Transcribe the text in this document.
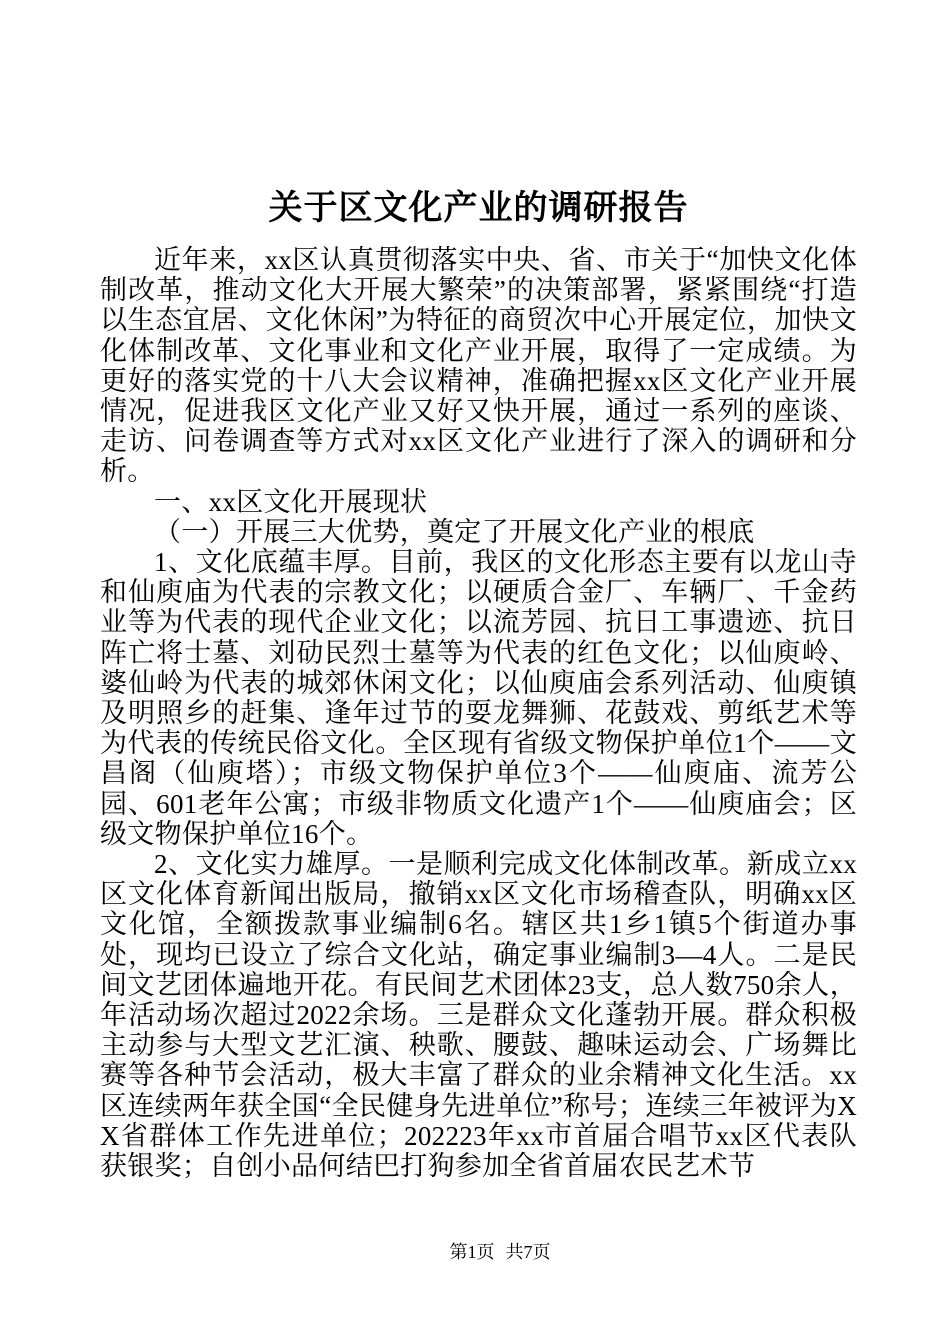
关于区文化产业的调研报告

近年来，xx区认真贯彻落实中央、省、市关于“加快文化体制改革，推动文化大开展大繁荣”的决策部署，紧紧围绕“打造以生态宜居、文化休闲”为特征的商贸次中心开展定位，加快文化体制改革、文化事业和文化产业开展，取得了一定成绩。为更好的落实党的十八大会议精神，准确把握xx区文化产业开展情况，促进我区文化产业又好又快开展，通过一系列的座谈、走访、问卷调查等方式对xx区文化产业进行了深入的调研和分析。

一、xx区文化开展现状

（一）开展三大优势，奠定了开展文化产业的根底

1、文化底蕴丰厚。目前，我区的文化形态主要有以龙山寺和仙庾庙为代表的宗教文化；以硬质合金厂、车辆厂、千金药业等为代表的现代企业文化；以流芳园、抗日工事遗迹、抗日阵亡将士墓、刘劯民烈士墓等为代表的红色文化；以仙庾岭、婆仙岭为代表的城郊休闲文化；以仙庾庙会系列活动、仙庾镇及明照乡的赶集、逢年过节的耍龙舞狮、花鼓戏、剪纸艺术等为代表的传统民俗文化。全区现有省级文物保护单位1个——文昌阁（仙庾塔）；市级文物保护单位3个——仙庾庙、流芳公园、601老年公寓；市级非物质文化遗产1个——仙庾庙会；区级文物保护单位16个。

2、文化实力雄厚。一是顺利完成文化体制改革。新成立xx区文化体育新闻出版局，撤销xx区文化市场稽查队，明确xx区文化馆，全额拨款事业编制6名。辖区共1乡1镇5个街道办事处，现均已设立了综合文化站，确定事业编制3—4人。二是民间文艺团体遍地开花。有民间艺术团体23支，总人数750余人，年活动场次超过2022余场。三是群众文化蓬勃开展。群众积极主动参与大型文艺汇演、秧歌、腰鼓、趣味运动会、广场舞比赛等各种节会活动，极大丰富了群众的业余精神文化生活。xx区连续两年获全国“全民健身先进单位”称号；连续三年被评为XX省群体工作先进单位；202223年xx市首届合唱节xx区代表队获银奖；自创小品何结巴打狗参加全省首届农民艺术节

第1页 共7页
